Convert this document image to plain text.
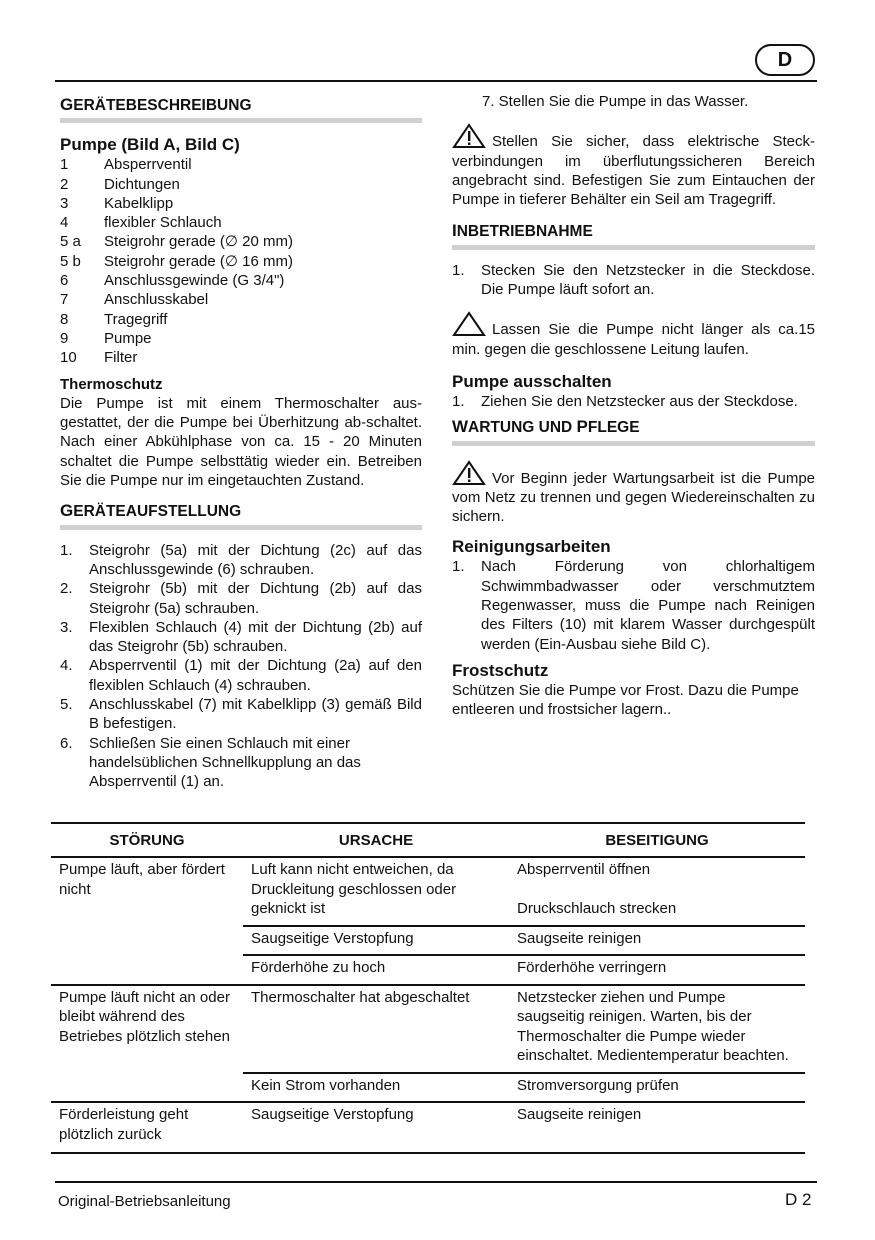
D
GERÄTEBESCHREIBUNG
Pumpe (Bild A, Bild C)
1	Absperrventil
2	Dichtungen
3	Kabelklipp
4	flexibler Schlauch
5 a	Steigrohr gerade (∅ 20 mm)
5 b	Steigrohr gerade (∅ 16 mm)
6	Anschlussgewinde (G 3/4")
7	Anschlusskabel
8	Tragegriff
9	Pumpe
10	Filter
Thermoschutz

Die Pumpe ist mit einem Thermoschalter aus-gestattet, der die Pumpe bei Überhitzung ab-schaltet. Nach einer Abkühlphase von ca. 15 - 20 Minuten schaltet die Pumpe selbsttätig wieder ein. Betreiben Sie die Pumpe nur im eingetauchten Zustand.

GERÄTEAUFSTELLUNG
1.	Steigrohr (5a) mit der Dichtung (2c) auf das Anschlussgewinde (6) schrauben.
2.	Steigrohr (5b) mit der Dichtung (2b) auf das Steigrohr (5a) schrauben.
3.	Flexiblen Schlauch (4) mit der Dichtung (2b) auf das Steigrohr (5b) schrauben.
4.	Absperrventil (1) mit der Dichtung (2a) auf den flexiblen Schlauch (4) schrauben.
5.	Anschlusskabel (7) mit Kabelklipp (3) gemäß Bild B befestigen.
6.	Schließen Sie einen Schlauch mit einer handelsüblichen Schnellkupplung an das Absperrventil (1) an.

7. Stellen Sie die Pumpe in das Wasser.

Stellen Sie sicher, dass elektrische Steck-verbindungen im überflutungssicheren Bereich angebracht sind. Befestigen Sie zum Eintauchen der Pumpe in tieferer Behälter ein Seil am Tragegriff.

INBETRIEBNAHME
1.	Stecken Sie den Netzstecker in die Steckdose. Die Pumpe läuft sofort an.

Lassen Sie die Pumpe nicht länger als ca.15 min. gegen die geschlossene Leitung laufen.

Pumpe ausschalten
1.	Ziehen Sie den Netzstecker aus der Steckdose.
WARTUNG UND PFLEGE

Vor Beginn jeder Wartungsarbeit ist die Pumpe vom Netz zu trennen und gegen Wiedereinschalten zu sichern.

Reinigungsarbeiten
1.	Nach Förderung von chlorhaltigem Schwimmbadwasser oder verschmutztem Regenwasser, muss die Pumpe nach Reinigen des Filters (10) mit klarem Wasser durchgespült werden (Ein-Ausbau siehe Bild C).
Frostschutz

Schützen Sie die Pumpe vor Frost. Dazu die Pumpe entleeren und frostsicher lagern..

STÖRUNG	URSACHE	BESEITIGUNG
Pumpe läuft, aber fördert nicht	Luft kann nicht entweichen, da Druckleitung geschlossen oder geknickt ist	Absperrventil öffnen
Druckschlauch strecken

	Saugseitige Verstopfung	Saugseite reinigen
	Förderhöhe zu hoch	Förderhöhe verringern
Pumpe läuft nicht an oder bleibt während des Betriebes plötzlich stehen	Thermoschalter hat abgeschaltet	Netzstecker ziehen und Pumpe saugseitig reinigen. Warten, bis der Thermoschalter die Pumpe wieder einschaltet. Medientemperatur beachten.
	Kein Strom vorhanden	Stromversorgung prüfen
Förderleistung geht plötzlich zurück	Saugseitige Verstopfung	Saugseite reinigen
Original-Betriebsanleitung	D 2
